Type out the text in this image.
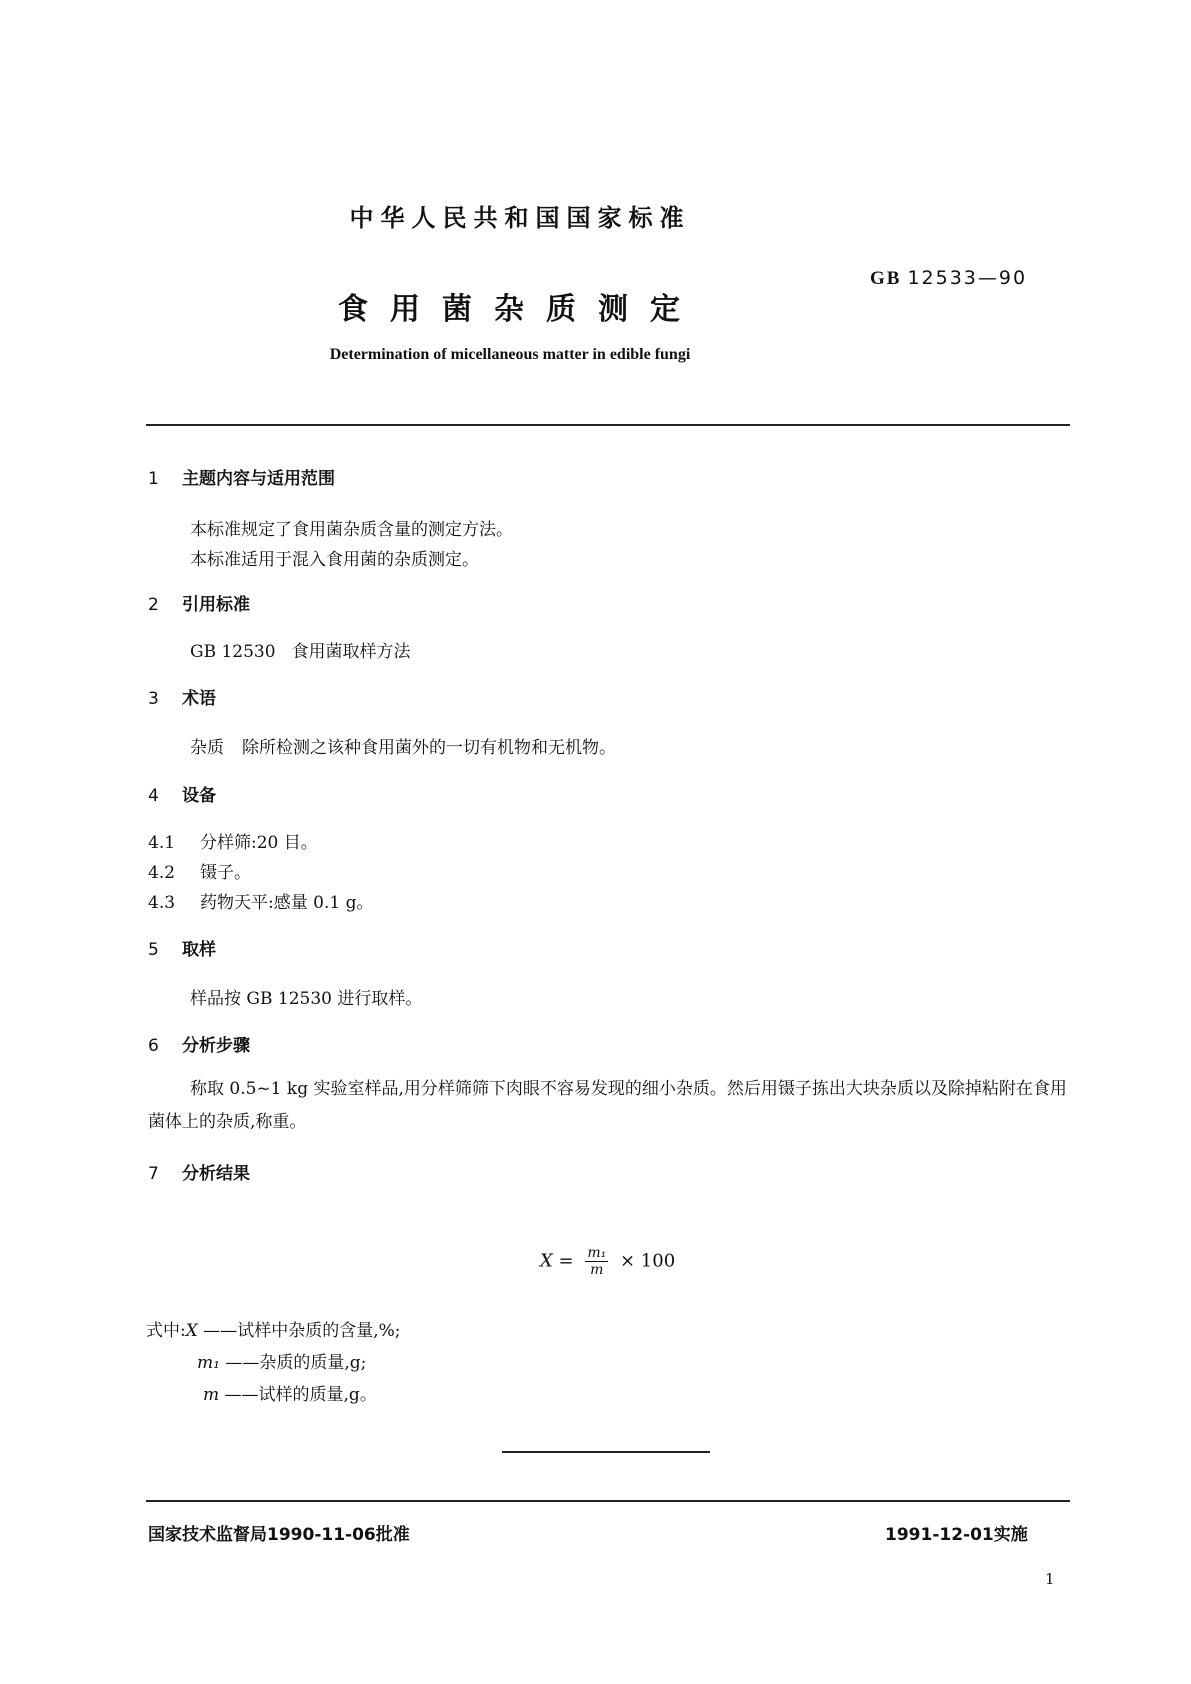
中华人民共和国国家标准
GB 12533—90
食用菌杂质测定
Determination of micellaneous matter in edible fungi
1 主题内容与适用范围
本标准规定了食用菌杂质含量的测定方法。
本标准适用于混入食用菌的杂质测定。
2 引用标准
GB 12530 食用菌取样方法
3 术语
杂质 除所检测之该种食用菌外的一切有机物和无机物。
4 设备
4.1 分样筛:20 目。
4.2 镊子。
4.3 药物天平:感量 0.1 g。
5 取样
样品按 GB 12530 进行取样。
6 分析步骤
称取 0.5~1 kg 实验室样品,用分样筛筛下肉眼不容易发现的细小杂质。然后用镊子拣出大块杂质以及除掉粘附在食用菌体上的杂质,称重。
7 分析结果
$X = \frac{\text{m₁}}{m} \times 100$
式中:X ——试样中杂质的含量,%;
m₁ ——杂质的质量,g;
m ——试样的质量,g。
国家技术监督局1990-11-06批准	1991-12-01实施
1
